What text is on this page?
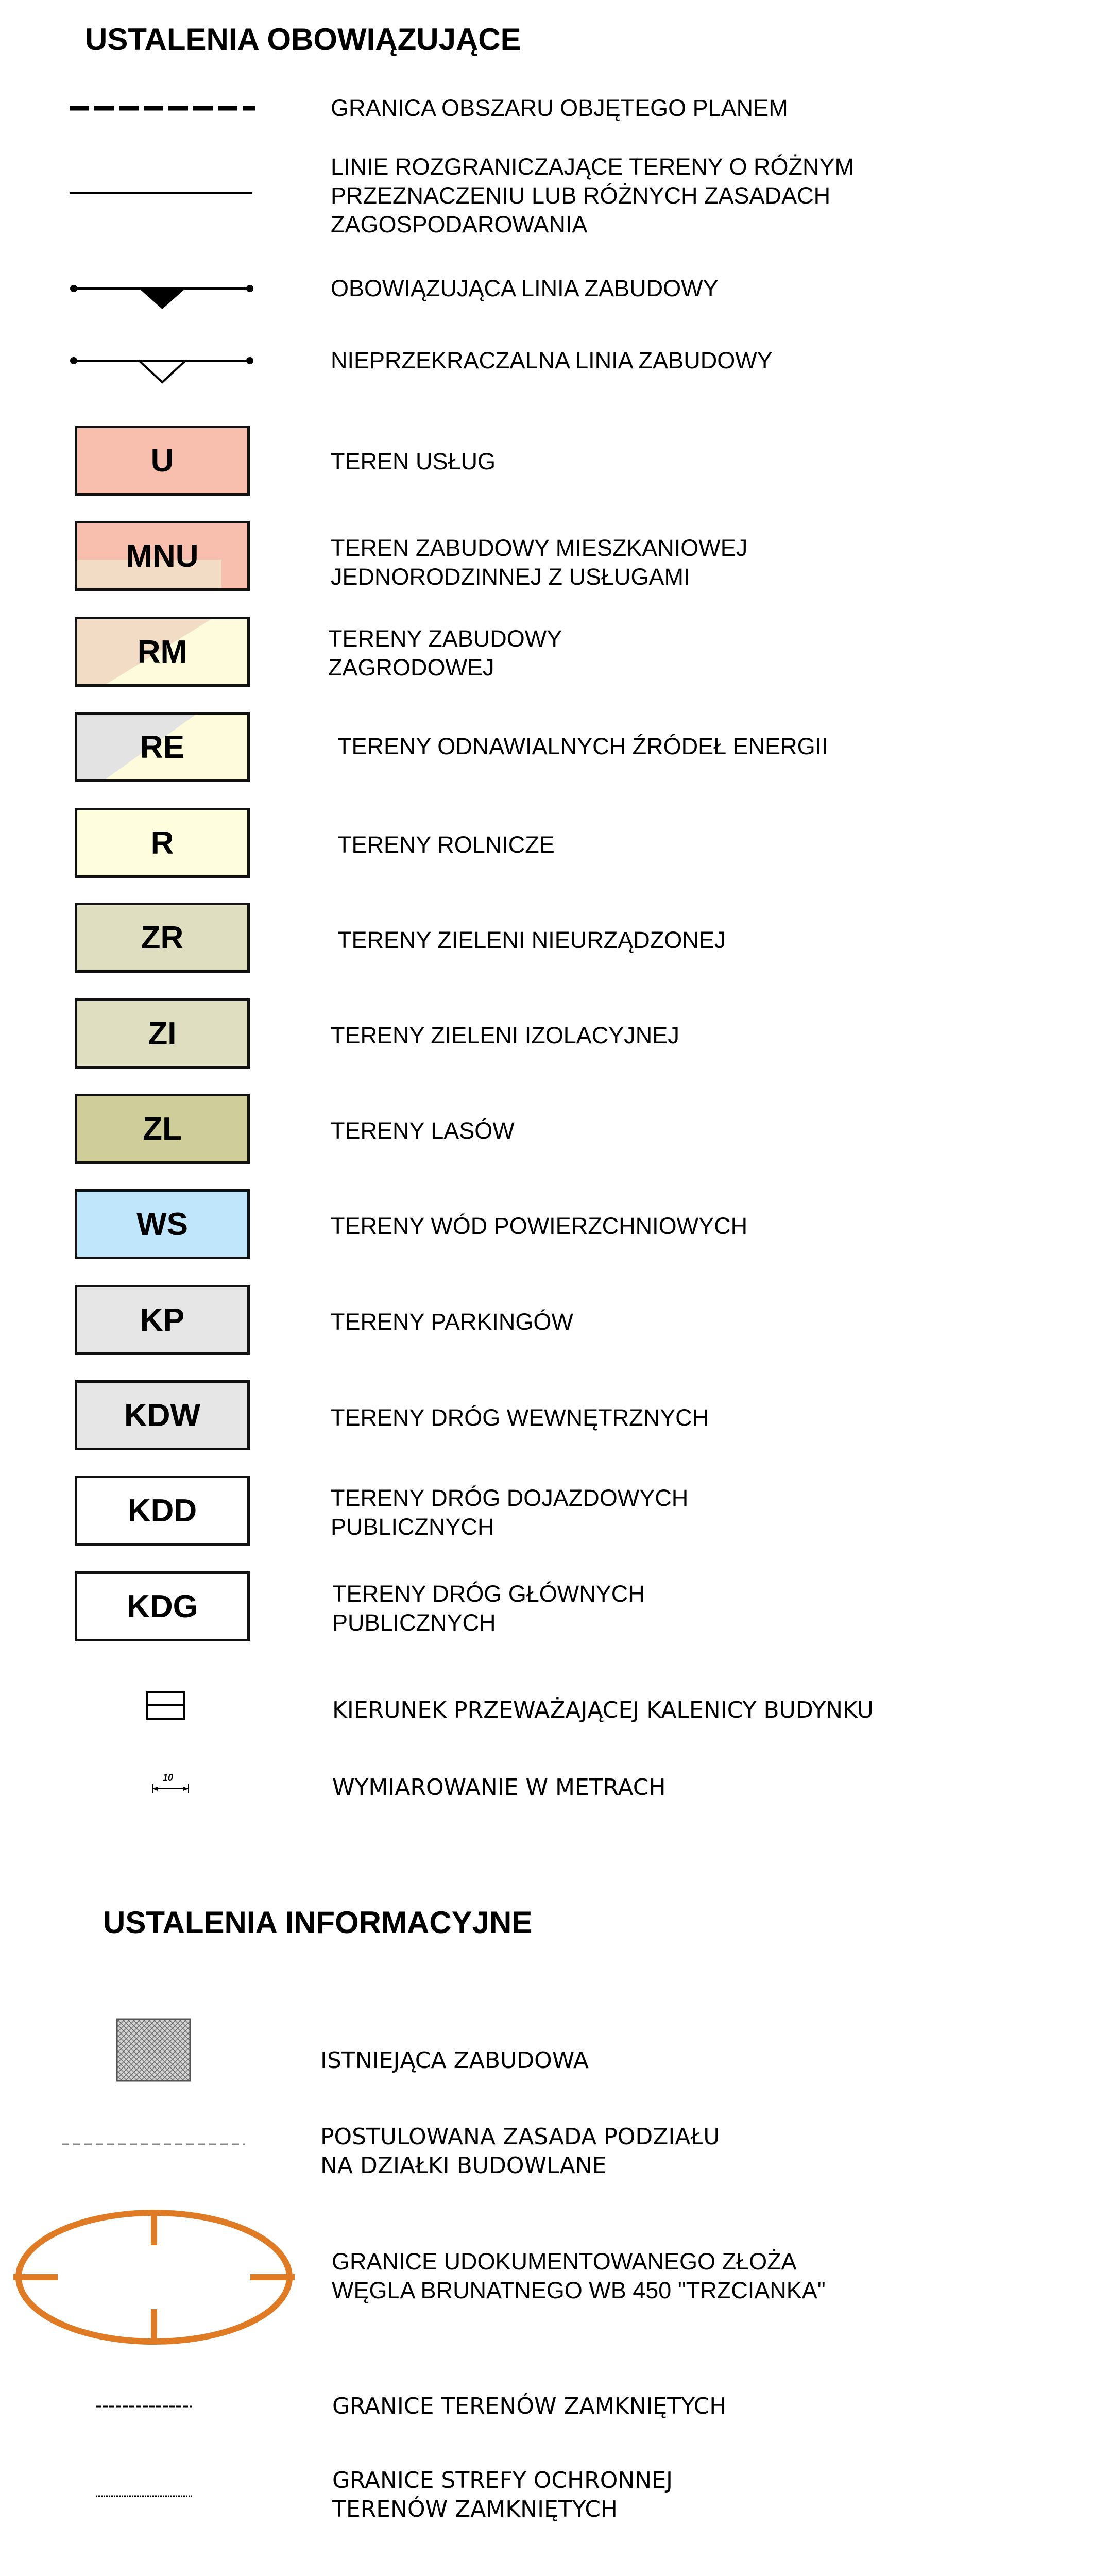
USTALENIA OBOWIĄZUJĄCE
GRANICA OBSZARU OBJĘTEGO PLANEM
LINIE ROZGRANICZAJĄCE TERENY O RÓŻNYM
PRZEZNACZENIU LUB RÓŻNYCH ZASADACH
ZAGOSPODAROWANIA
OBOWIĄZUJĄCA LINIA ZABUDOWY
NIEPRZEKRACZALNA LINIA ZABUDOWY
U	TEREN USŁUG
MNU	TEREN ZABUDOWY MIESZKANIOWEJ
JEDNORODZINNEJ Z USŁUGAMI
RM	TERENY ZABUDOWY
ZAGRODOWEJ
RE	TERENY ODNAWIALNYCH ŹRÓDEŁ ENERGII
R	TERENY ROLNICZE
ZR	TERENY ZIELENI NIEURZĄDZONEJ
ZI	TERENY ZIELENI IZOLACYJNEJ
ZL	TERENY LASÓW
WS	TERENY WÓD POWIERZCHNIOWYCH
KP	TERENY PARKINGÓW
KDW	TERENY DRÓG WEWNĘTRZNYCH
KDD	TERENY DRÓG DOJAZDOWYCH
PUBLICZNYCH
KDG	TERENY DRÓG GŁÓWNYCH
PUBLICZNYCH
KIERUNEK PRZEWAŻAJĄCEJ KALENICY BUDYNKU
10	WYMIAROWANIE W METRACH
USTALENIA INFORMACYJNE
ISTNIEJĄCA ZABUDOWA
POSTULOWANA ZASADA PODZIAŁU
NA DZIAŁKI BUDOWLANE
GRANICE UDOKUMENTOWANEGO ZŁOŻA
WĘGLA BRUNATNEGO WB 450 "TRZCIANKA"
GRANICE TERENÓW ZAMKNIĘTYCH
GRANICE STREFY OCHRONNEJ
TERENÓW ZAMKNIĘTYCH
